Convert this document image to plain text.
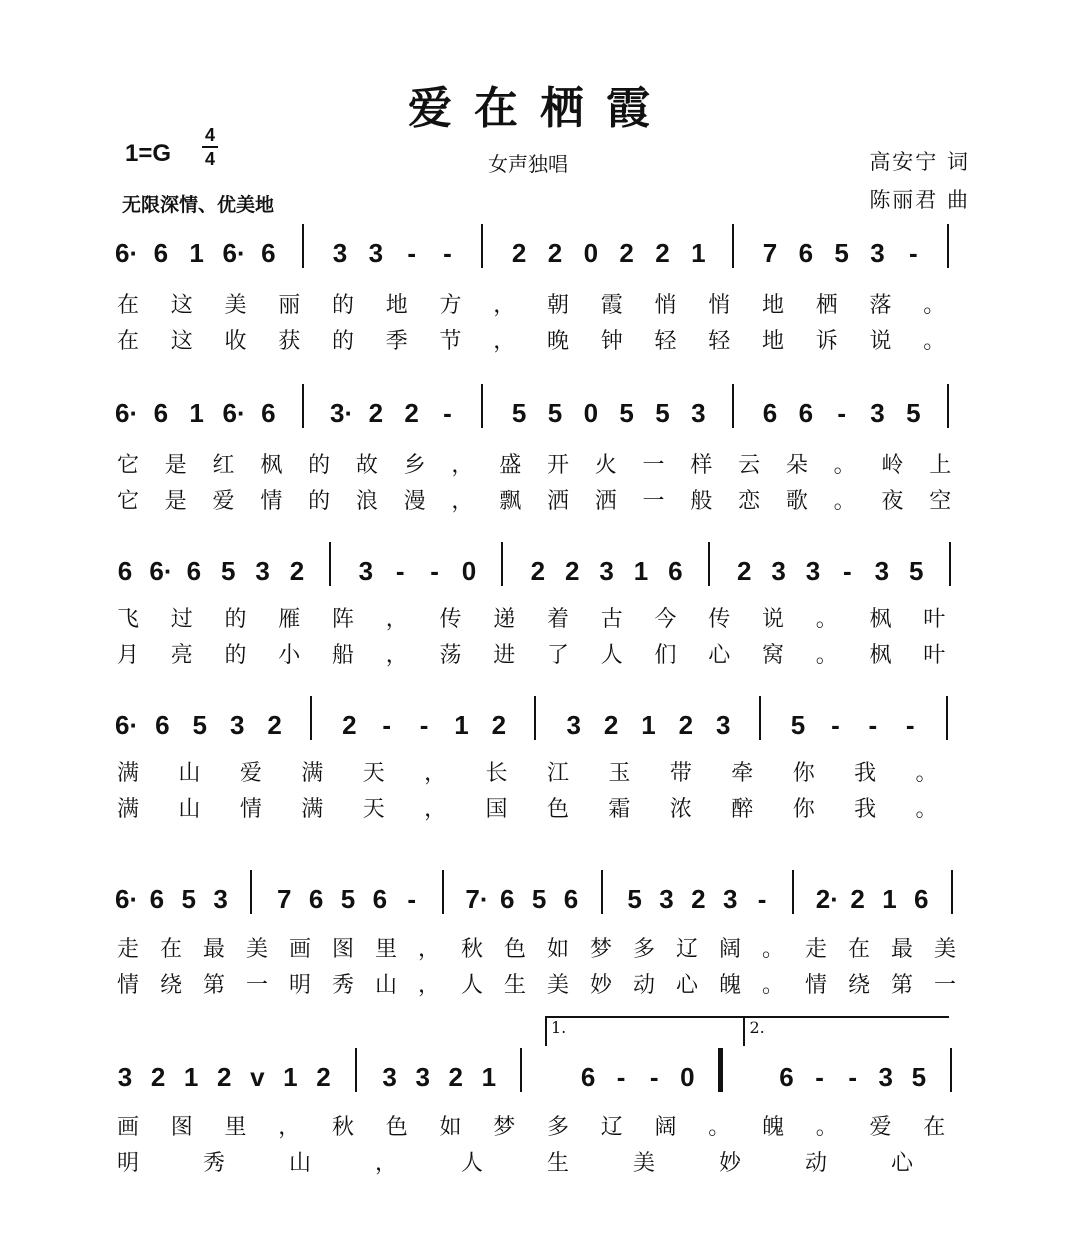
爱在栖霞
1=G
4
4	女声独唱	高安宁 词
陈丽君 曲
无限深情、优美地
6· 6 1 6· 6 3 3 - - 2 2 0 2 2 1 7 6 5 3 -
在 这 美 丽 的 地 方 ， 朝 霞 悄 悄 地 栖 落 。
在 这 收 获 的 季 节 ， 晚 钟 轻 轻 地 诉 说 。
6· 6 1 6· 6 3· 2 2 - 5 5 0 5 5 3 6 6 - 3 5
它 是 红 枫 的 故 乡 ， 盛 开 火 一 样 云 朵 。 岭 上
它 是 爱 情 的 浪 漫 ， 飘 洒 洒 一 般 恋 歌 。 夜 空
6 6· 6 5 3 2 3 - - 0 2 2 3 1 6 2 3 3 - 3 5
飞 过 的 雁 阵 ， 传 递 着 古 今 传 说 。 枫 叶
月 亮 的 小 船 ， 荡 进 了 人 们 心 窝 。 枫 叶
6· 6 5 3 2 2 - - 1 2 3 2 1 2 3 5 - - -
满 山 爱 满 天 ， 长 江 玉 带 牵 你 我 。
满 山 情 满 天 ， 国 色 霜 浓 醉 你 我 。
6· 6 5 3 7 6 5 6 - 7· 6 5 6 5 3 2 3 - 2· 2 1 6
走 在 最 美 画 图 里 ， 秋 色 如 梦 多 辽 阔 。 走 在 最 美
情 绕 第 一 明 秀 山 ， 人 生 美 妙 动 心 魄 。 情 绕 第 一
3 2 1 2 v 1 2 3 3 2 1
1.
6 - - 0
2.
6 - - 3 5
画 图 里 ， 秋 色 如 梦 多 辽 阔 。 魄 。 爱 在
明	秀	山	，	人	生	美	妙	动	心
